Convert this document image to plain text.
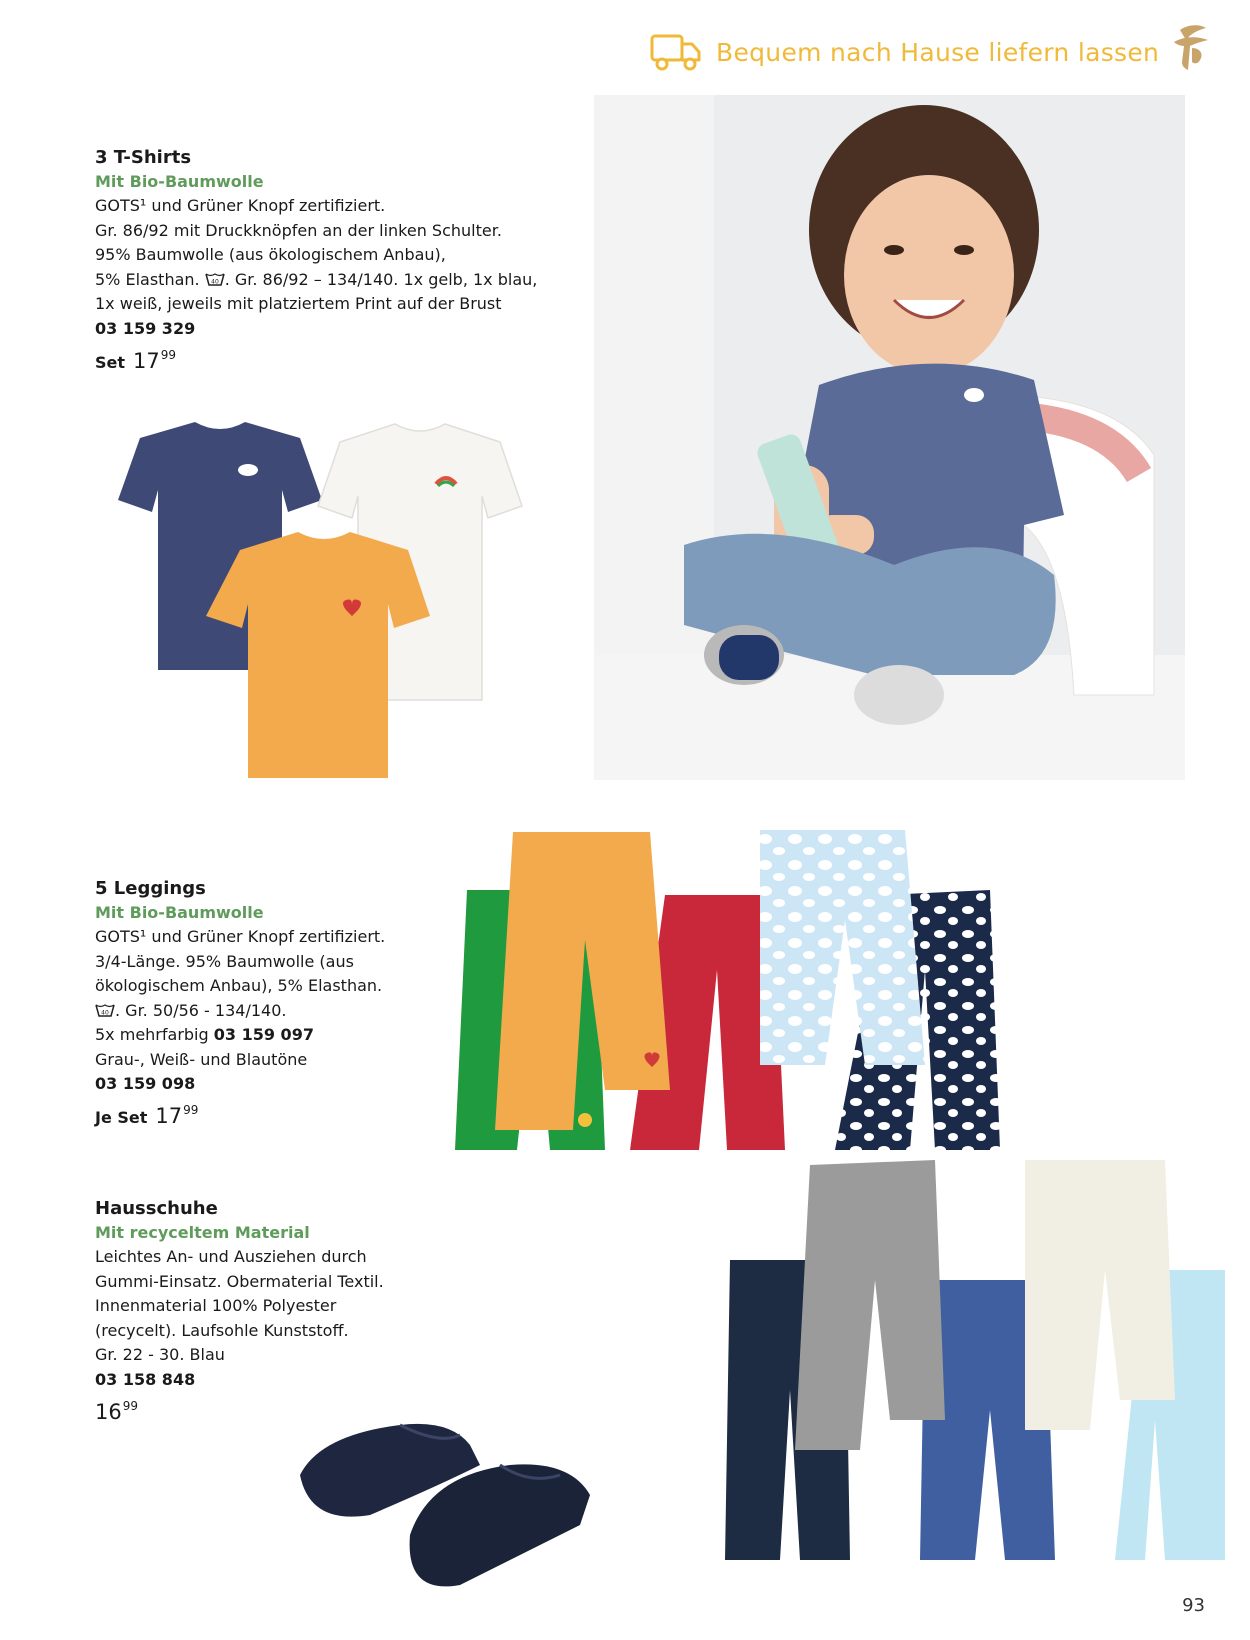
Bequem nach Hause liefern lassen
3 T-Shirts
Mit Bio-Baumwolle
GOTS¹ und Grüner Knopf zertifiziert.
Gr. 86/92 mit Druckknöpfen an der linken Schulter.
95% Baumwolle (aus ökologischem Anbau),
5% Elasthan. 40 . Gr. 86/92 – 134/140. 1x gelb, 1x blau,
1x weiß, jeweils mit platziertem Print auf der Brust
03 159 329
Set 17 99
5 Leggings
Mit Bio-Baumwolle
GOTS¹ und Grüner Knopf zertifiziert.
3/4-Länge. 95% Baumwolle (aus
ökologischem Anbau), 5% Elasthan.
40 . Gr. 50/56 - 134/140.
5x mehrfarbig 03 159 097
Grau-, Weiß- und Blautöne
03 159 098
Je Set 17 99
Hausschuhe
Mit recyceltem Material
Leichtes An- und Ausziehen durch
Gummi-Einsatz. Obermaterial Textil.
Innenmaterial 100% Polyester
(recycelt). Laufsohle Kunststoff.
Gr. 22 - 30. Blau
03 158 848
16 99
93
